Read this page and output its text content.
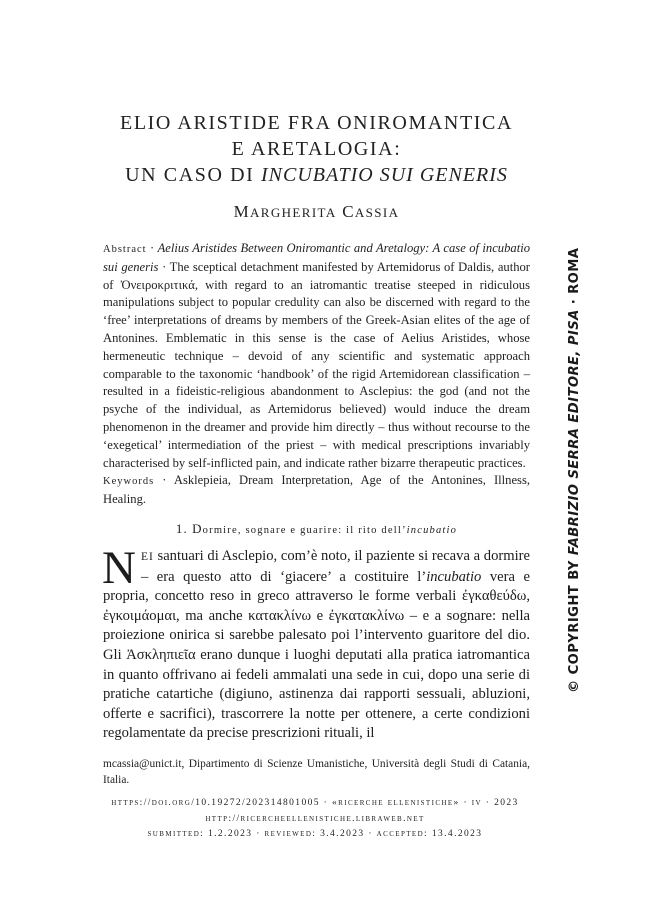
ELIO ARISTIDE FRA ONIROMANTICA
E ARETALOGIA:
UN CASO DI INCUBATIO SUI GENERIS
MARGHERITA CASSIA

Abstract · Aelius Aristides Between Oniromantic and Aretalogy: A case of incubatio sui generis · The sceptical detachment manifested by Artemidorus of Daldis, author of Ὀνειροκριτικά, with regard to an iatromantic treatise steeped in ridiculous manipulations subject to popular credulity can also be discerned with regard to the ‘free’ interpretations of dreams by members of the Greek-Asian elites of the age of Antonines. Emblematic in this sense is the case of Aelius Aristides, whose hermeneutic technique – devoid of any scientific and systematic approach comparable to the taxonomic ‘handbook’ of the rigid Artemidorean classification – resulted in a fideistic-religious abandonment to Asclepius: the god (and not the psyche of the individual, as Artemidorus believed) would induce the dream phenomenon in the dreamer and provide him directly – thus without recourse to the ‘exegetical’ intermediation of the priest – with medical prescriptions invariably characterised by self-inflicted pain, and indicate rather bizarre therapeutic practices.

Keywords · Asklepieia, Dream Interpretation, Age of the Antonines, Illness, Healing.

1. Dormire, sognare e guarire: il rito dell’incubatio

NEI santuari di Asclepio, com’è noto, il paziente si recava a dormire – era questo atto di ‘giacere’ a costituire l’incubatio vera e propria, concetto reso in greco attraverso le forme verbali ἐγκαθεύδω, ἐγκοιμάομαι, ma anche κατακλίνω e ἐγκατακλίνω – e a sognare: nella proiezione onirica si sarebbe palesato poi l’intervento guaritore del dio. Gli Ἀσκληπιεῖα erano dunque i luoghi deputati alla pratica iatromantica in quanto offrivano ai fedeli ammalati una sede in cui, dopo una serie di pratiche catartiche (digiuno, astinenza dai rapporti sessuali, abluzioni, offerte e sacrifici), trascorrere la notte per ottenere, a certe condizioni regolamentate da precise prescrizioni rituali, il

mcassia@unict.it, Dipartimento di Scienze Umanistiche, Università degli Studi di Catania, Italia.
https://doi.org/10.19272/202314801005 · «ricerche ellenistiche» · iv · 2023
http://ricercheellenistiche.libraweb.net
submitted: 1.2.2023 · reviewed: 3.4.2023 · accepted: 13.4.2023
© COPYRIGHT BY FABRIZIO SERRA EDITORE, PISA · ROMA
